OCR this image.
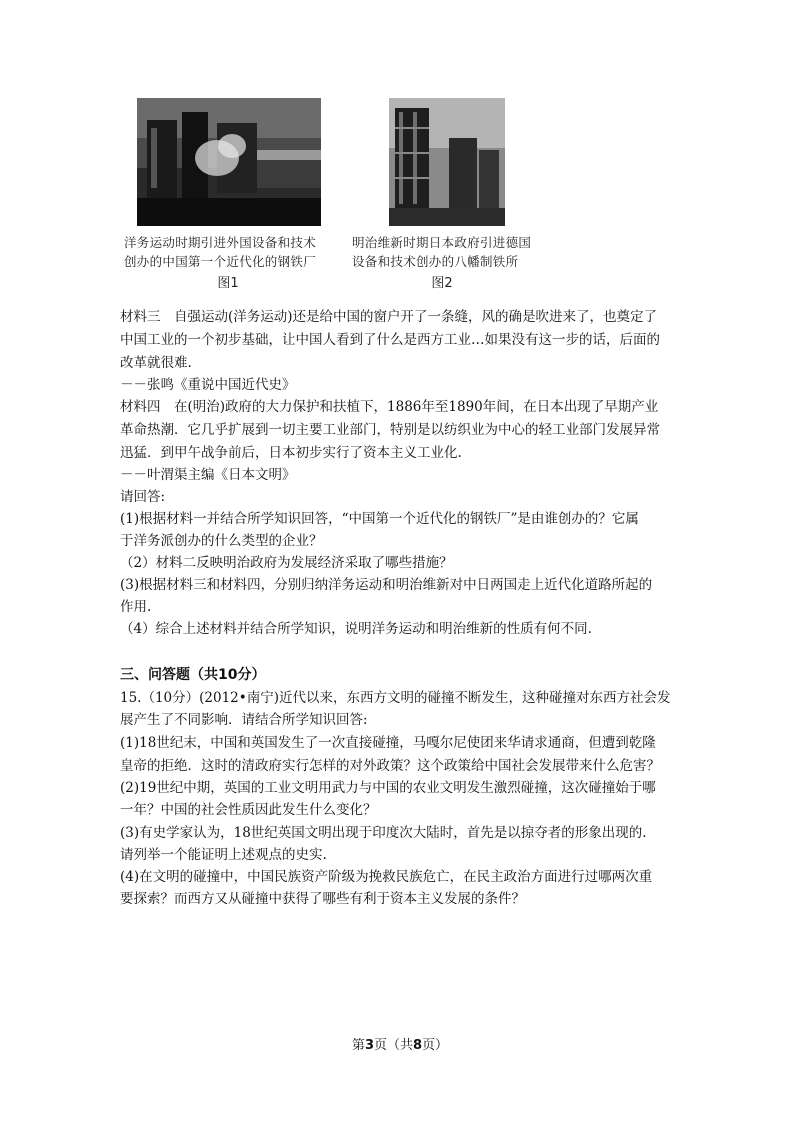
洋务运动时期引进外国设备和技术
创办的中国第一个近代化的钢铁厂
图1
明治维新时期日本政府引进德国
设备和技术创办的八幡制铁所
图2
材料三　自强运动(洋务运动)还是给中国的窗户开了一条缝，风的确是吹进来了，也奠定了
中国工业的一个初步基础，让中国人看到了什么是西方工业…如果没有这一步的话，后面的
改革就很难.
－－张鸣《重说中国近代史》
材料四　在(明治)政府的大力保护和扶植下，1886年至1890年间，在日本出现了早期产业
革命热潮．它几乎扩展到一切主要工业部门，特别是以纺织业为中心的轻工业部门发展异常
迅猛．到甲午战争前后，日本初步实行了资本主义工业化.
－－叶渭渠主编《日本文明》
请回答:
(1)根据材料一并结合所学知识回答，“中国第一个近代化的钢铁厂”是由谁创办的？它属
于洋务派创办的什么类型的企业？
（2）材料二反映明治政府为发展经济采取了哪些措施？
(3)根据材料三和材料四，分别归纳洋务运动和明治维新对中日两国走上近代化道路所起的
作用.
（4）综合上述材料并结合所学知识，说明洋务运动和明治维新的性质有何不同.
三、问答题（共10分）
15.（10分）(2012•南宁)近代以来，东西方文明的碰撞不断发生，这种碰撞对东西方社会发
展产生了不同影响．请结合所学知识回答:
(1)18世纪末，中国和英国发生了一次直接碰撞，马嘎尔尼使团来华请求通商，但遭到乾隆
皇帝的拒绝．这时的清政府实行怎样的对外政策？这个政策给中国社会发展带来什么危害？
(2)19世纪中期，英国的工业文明用武力与中国的农业文明发生激烈碰撞，这次碰撞始于哪
一年？中国的社会性质因此发生什么变化？
(3)有史学家认为，18世纪英国文明出现于印度次大陆时，首先是以掠夺者的形象出现的.
请列举一个能证明上述观点的史实.
(4)在文明的碰撞中，中国民族资产阶级为挽救民族危亡，在民主政治方面进行过哪两次重
要探索？而西方又从碰撞中获得了哪些有利于资本主义发展的条件？
第3页（共8页）
